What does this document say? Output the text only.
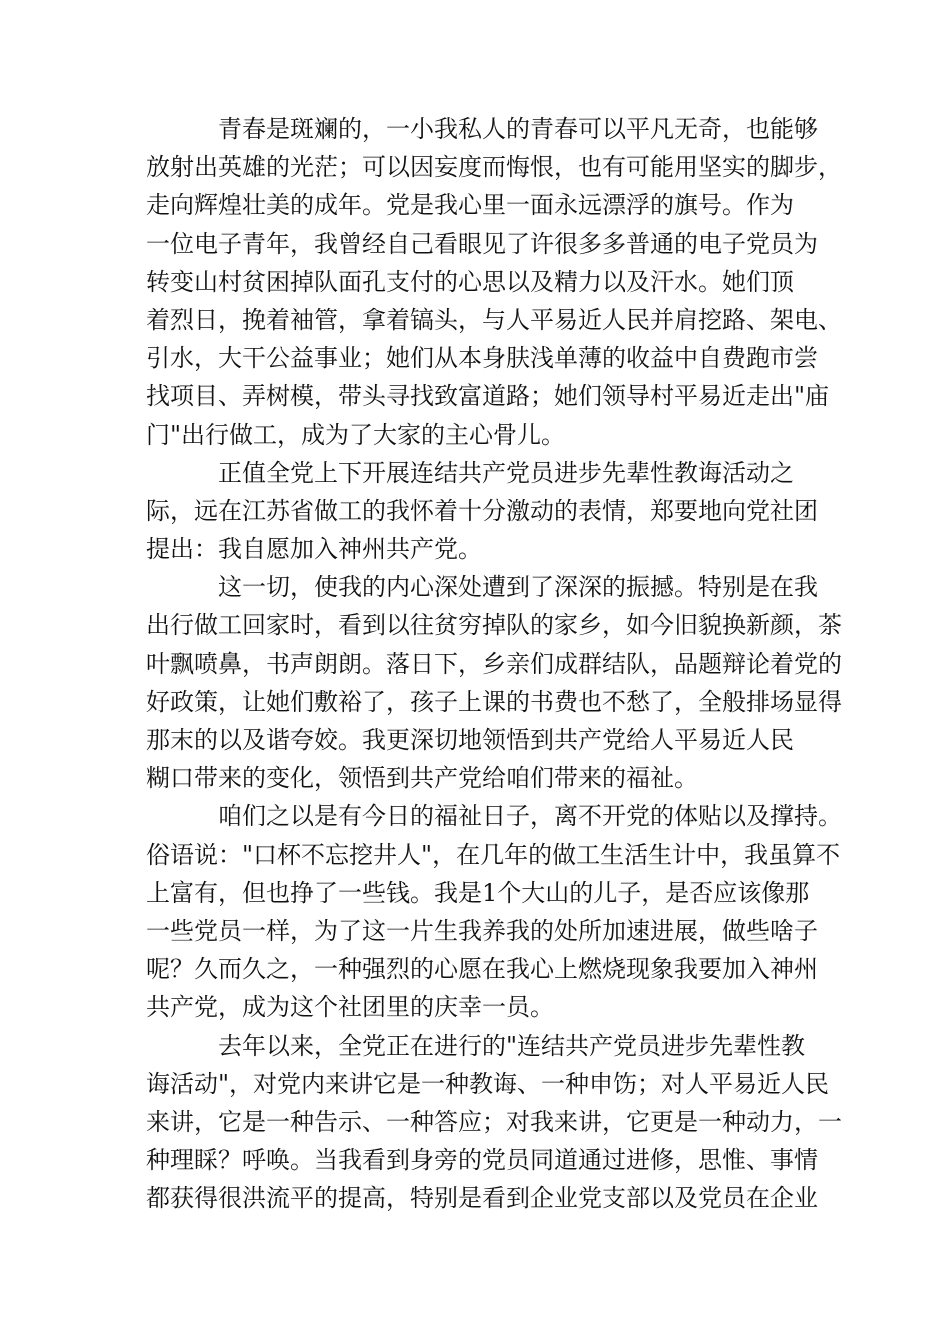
青春是斑斓的，一小我私人的青春可以平凡无奇，也能够
放射出英雄的光茫；可以因妄度而悔恨，也有可能用坚实的脚步，
走向辉煌壮美的成年。党是我心里一面永远漂浮的旗号。作为
一位电子青年，我曾经自己看眼见了许很多多普通的电子党员为
转变山村贫困掉队面孔支付的心思以及精力以及汗水。她们顶
着烈日，挽着袖管，拿着镐头，与人平易近人民并肩挖路、架电、
引水，大干公益事业；她们从本身肤浅单薄的收益中自费跑市尝
找项目、弄树模，带头寻找致富道路；她们领导村平易近走出"庙
门"出行做工，成为了大家的主心骨儿。

正值全党上下开展连结共产党员进步先辈性教诲活动之
际，远在江苏省做工的我怀着十分激动的表情，郑要地向党社团
提出：我自愿加入神州共产党。

这一切，使我的内心深处遭到了深深的振撼。特别是在我
出行做工回家时，看到以往贫穷掉队的家乡，如今旧貌换新颜，茶
叶飘喷鼻，书声朗朗。落日下，乡亲们成群结队，品题辩论着党的
好政策，让她们敷裕了，孩子上课的书费也不愁了，全般排场显得
那末的以及谐夸姣。我更深切地领悟到共产党给人平易近人民
糊口带来的变化，领悟到共产党给咱们带来的福祉。

咱们之以是有今日的福祉日子，离不开党的体贴以及撑持。
俗语说："口杯不忘挖井人"，在几年的做工生活生计中，我虽算不
上富有，但也挣了一些钱。我是1个大山的儿子，是否应该像那
一些党员一样，为了这一片生我养我的处所加速进展，做些啥子
呢？久而久之，一种强烈的心愿在我心上燃烧现象我要加入神州
共产党，成为这个社团里的庆幸一员。

去年以来，全党正在进行的"连结共产党员进步先辈性教
诲活动"，对党内来讲它是一种教诲、一种申饬；对人平易近人民
来讲，它是一种告示、一种答应；对我来讲，它更是一种动力，一
种理睬？呼唤。当我看到身旁的党员同道通过进修，思惟、事情
都获得很洪流平的提高，特别是看到企业党支部以及党员在企业
